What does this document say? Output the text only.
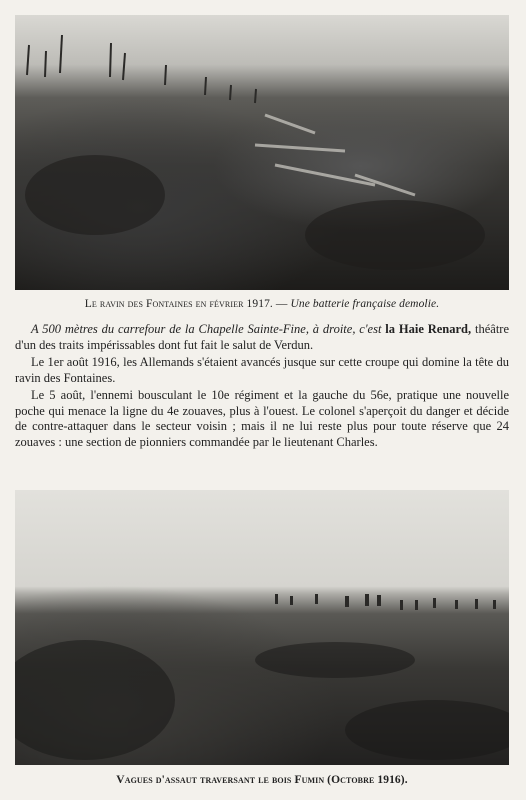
Le ravin des Fontaines en février 1917. — Une batterie française demolie.

A 500 mètres du carrefour de la Chapelle Sainte-Fine, à droite, c'est la Haie Renard, théâtre d'un des traits impérissables dont fut fait le salut de Verdun.

Le 1er août 1916, les Allemands s'étaient avancés jusque sur cette croupe qui domine la tête du ravin des Fontaines.

Le 5 août, l'ennemi bousculant le 10e régiment et la gauche du 56e, pratique une nouvelle poche qui menace la ligne du 4e zouaves, plus à l'ouest. Le colonel s'aperçoit du danger et décide de contre-attaquer dans le secteur voisin ; mais il ne lui reste plus pour toute réserve que 24 zouaves : une section de pionniers commandée par le lieutenant Charles.

Vagues d'assaut traversant le bois Fumin (Octobre 1916).
